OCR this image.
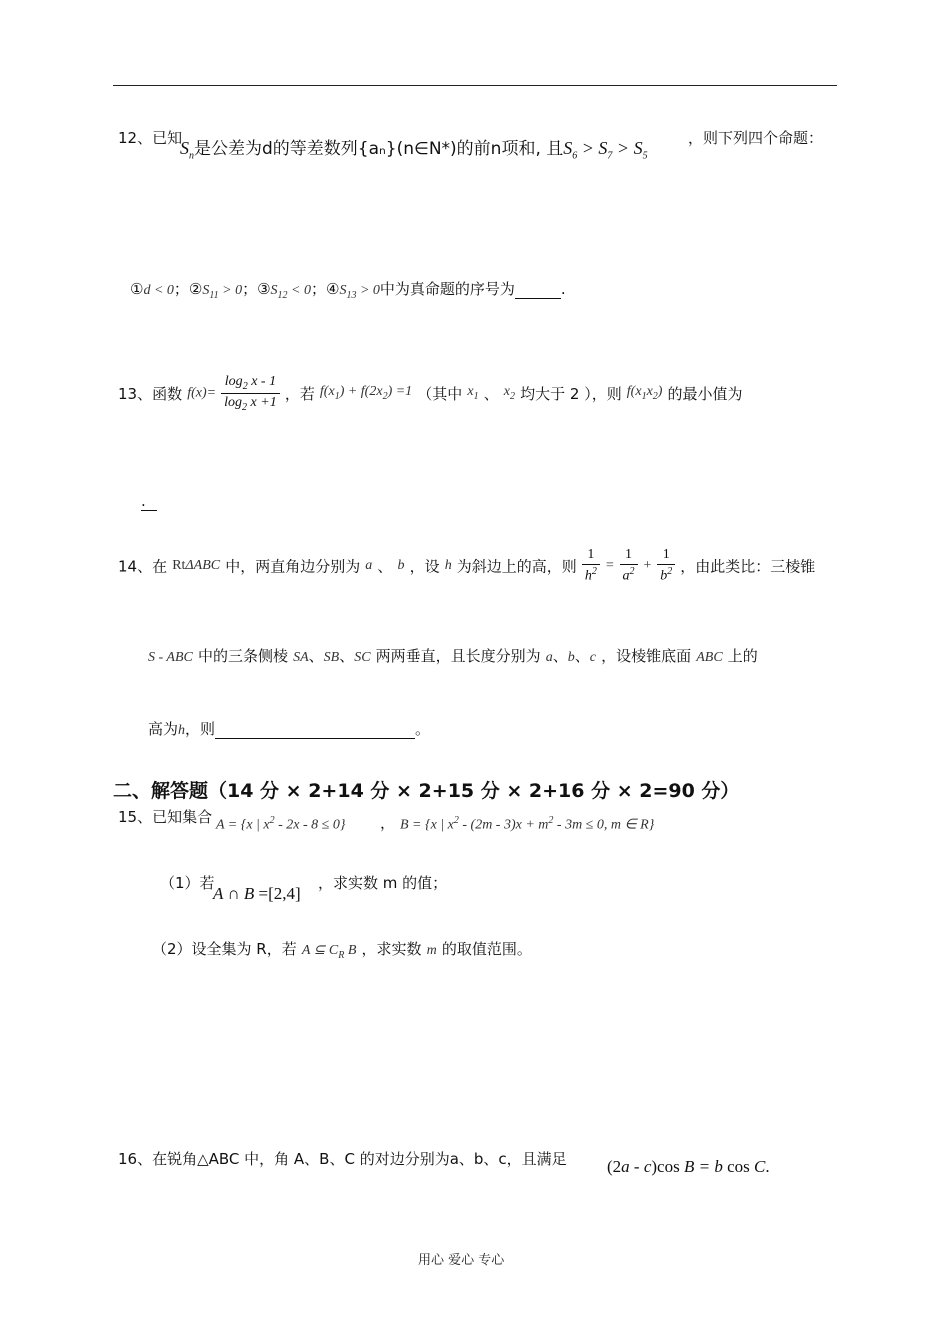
12、已知
$S_n$是公差为d的等差数列{aₙ}(n∈N*)的前n项和, 且$S_6 > S_7 > S_5$
，则下列四个命题：
①d < 0；$②S_{11} > 0$；$③S_{12} < 0$；$④S_{13} > 0$中为真命题的序号为	.
13、函数 $f(x)= \frac{\log_2 x - 1}{\log_2 x +1}$ ，若 $f(x_1) + f(2x_2) =1$ （其中 $x_1$ 、 $x_2$ 均大于 2 ），则 $f(x_1x_2)$ 的最小值为
.
14、在 RtΔABC 中，两直角边分别为 a 、 b ，设 h 为斜边上的高，则 $\frac{1}{h^2} = \frac{1}{a^2} + \frac{1}{b^2}$ ，由此类比：三棱锥
S - ABC 中的三条侧棱 SA、SB、SC 两两垂直，且长度分别为 a、b、c ，设棱锥底面 ABC 上的
高为h，则	。
二、解答题（14 分 × 2+14 分 × 2+15 分 × 2+16 分 × 2=90 分）
15、已知集合 A = {x | $x^2 - 2x - 8 \le 0$} ， B = {x | $x^2 - (2m - 3)x + m^2 - 3m \le 0$, m ∈ R}
（1）若
A ∩ B =[2,4]
，求实数 m 的值；
（2）设全集为 R，若 A ⊆ $C_R$ B ，求实数 m 的取值范围。
16、在锐角△ABC 中，角 A、B、C 的对边分别为a、b、c，且满足 (2a - c)cos B = b cos C.
用心 爱心 专心
